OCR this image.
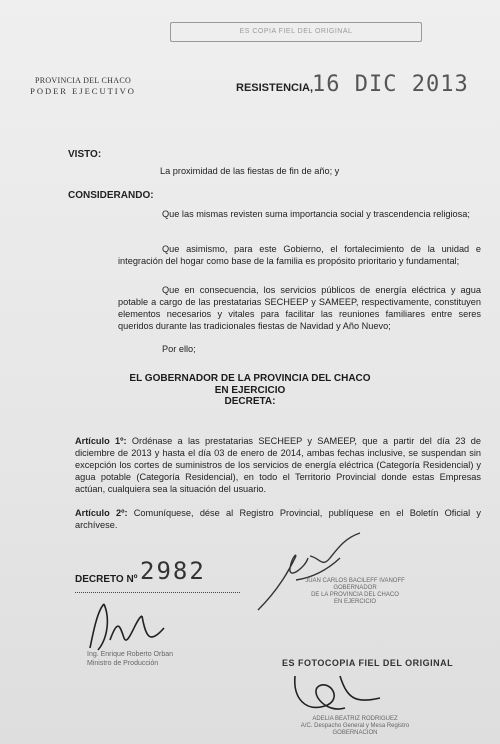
ES COPIA FIEL DEL ORIGINAL
PROVINCIA DEL CHACO
PODER EJECUTIVO	RESISTENCIA,
16 DIC 2013
VISTO:
La proximidad de las fiestas de fin de año; y
CONSIDERANDO:
Que las mismas revisten suma importancia social y trascendencia religiosa;
Que asimismo, para este Gobierno, el fortalecimiento de la unidad e integración del hogar como base de la familia es propósito prioritario y fundamental;
Que en consecuencia, los servicios públicos de energía eléctrica y agua potable a cargo de las prestatarias SECHEEP y SAMEEP, respectivamente, constituyen elementos necesarios y vitales para facilitar las reuniones familiares entre seres queridos durante las tradicionales fiestas de Navidad y Año Nuevo;
Por ello;
EL GOBERNADOR DE LA PROVINCIA DEL CHACO
EN EJERCICIO
DECRETA:
Artículo 1º: Ordénase a las prestatarias SECHEEP y SAMEEP, que a partir del día 23 de diciembre de 2013 y hasta el día 03 de enero de 2014, ambas fechas inclusive, se suspendan sin excepción los cortes de suministros de los servicios de energía eléctrica (Categoría Residencial) y agua potable (Categoría Residencial), en todo el Territorio Provincial donde estas Empresas actúan, cualquiera sea la situación del usuario.
Artículo 2º: Comuníquese, dése al Registro Provincial, publíquese en el Boletín Oficial y archívese.
DECRETO Nº 2982	JUAN CARLOS BACILEFF IVANOFF
GOBERNADOR
DE LA PROVINCIA DEL CHACO
EN EJERCICIO
Ing. Enrique Roberto Orban
Ministro de Producción	ES FOTOCOPIA FIEL DEL ORIGINAL
ADELIA BEATRIZ RODRIGUEZ
A/C. Despacho General y Mesa Registro
GOBERNACION
